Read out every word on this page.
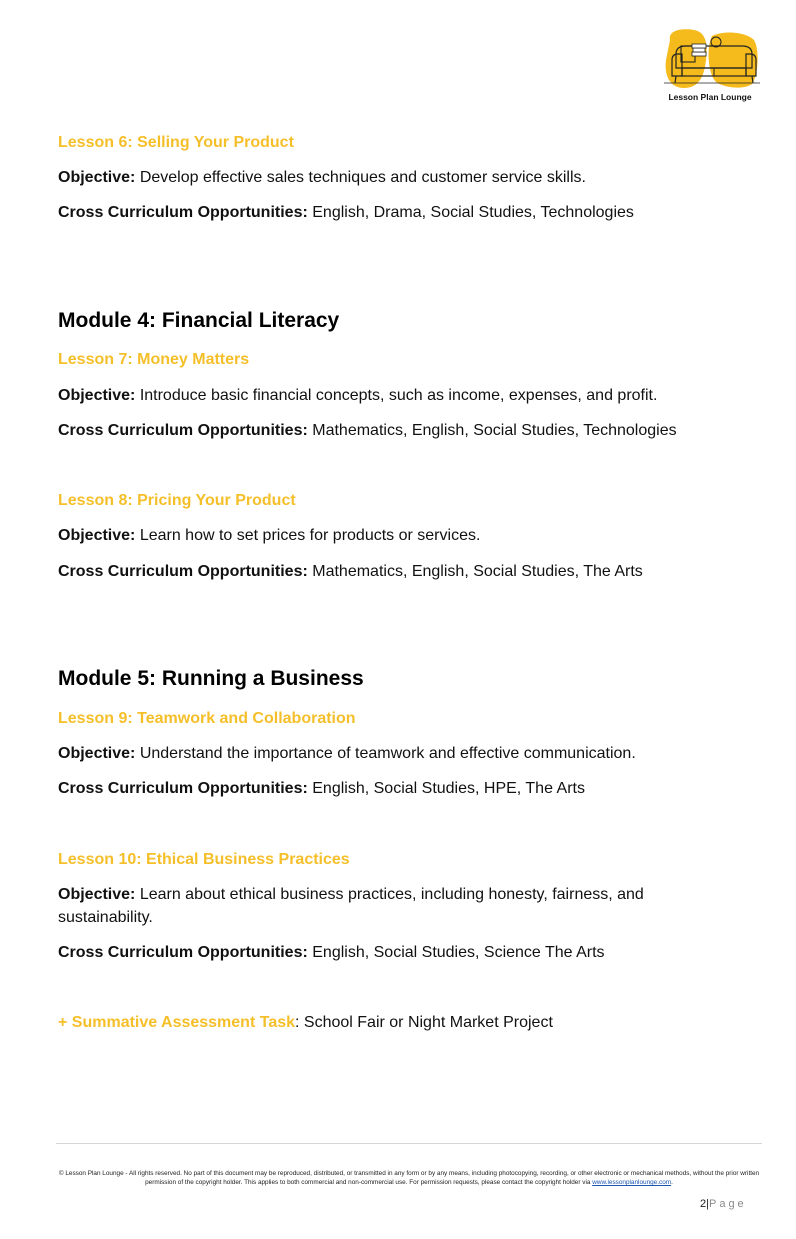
Lesson Plan Lounge
Lesson 6: Selling Your Product
Objective: Develop effective sales techniques and customer service skills.
Cross Curriculum Opportunities: English, Drama, Social Studies, Technologies
Module 4: Financial Literacy
Lesson 7: Money Matters
Objective: Introduce basic financial concepts, such as income, expenses, and profit.
Cross Curriculum Opportunities: Mathematics, English, Social Studies, Technologies
Lesson 8: Pricing Your Product
Objective: Learn how to set prices for products or services.
Cross Curriculum Opportunities: Mathematics, English, Social Studies, The Arts
Module 5: Running a Business
Lesson 9: Teamwork and Collaboration
Objective: Understand the importance of teamwork and effective communication.
Cross Curriculum Opportunities: English, Social Studies, HPE, The Arts
Lesson 10: Ethical Business Practices
Objective: Learn about ethical business practices, including honesty, fairness, and sustainability.
Cross Curriculum Opportunities: English, Social Studies, Science The Arts
+ Summative Assessment Task: School Fair or Night Market Project
© Lesson Plan Lounge - All rights reserved. No part of this document may be reproduced, distributed, or transmitted in any form or by any means, including photocopying, recording, or other electronic or mechanical methods, without the prior written permission of the copyright holder. This applies to both commercial and non-commercial use. For permission requests, please contact the copyright holder via www.lessonplanlounge.com.
2|Page
